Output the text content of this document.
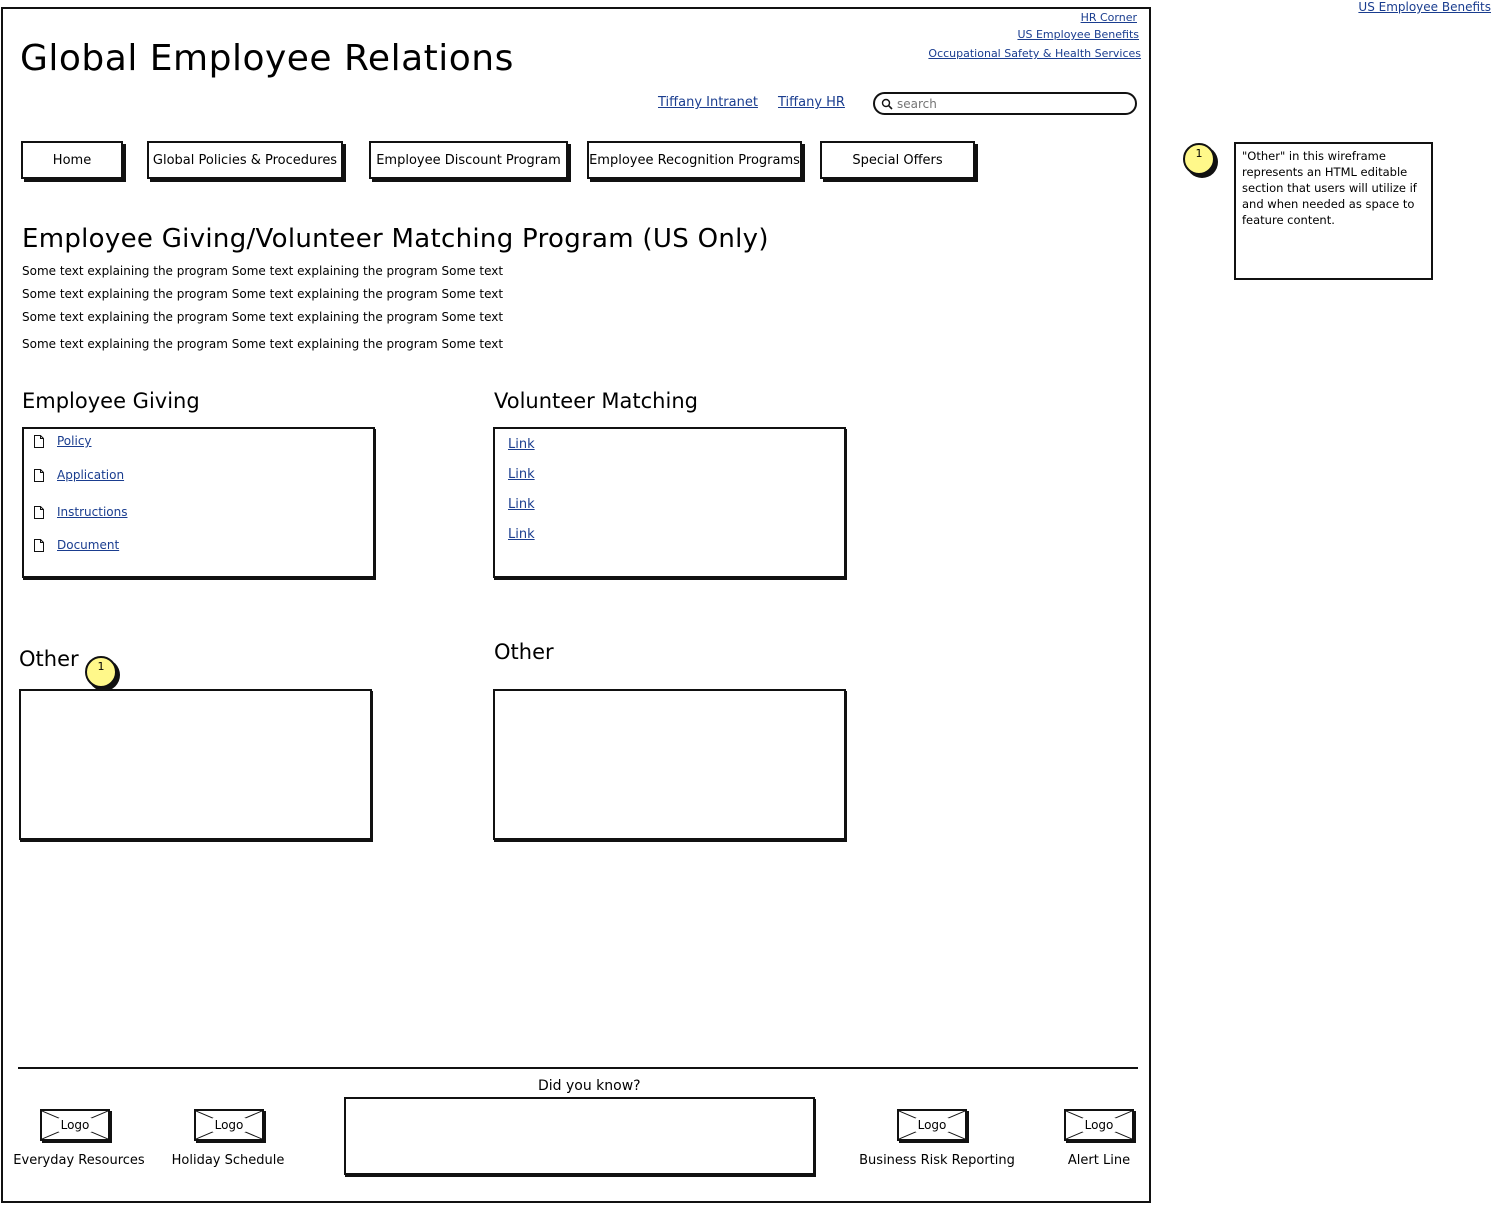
US Employee Benefits
1	"Other" in this wireframe represents an HTML editable section that users will utilize if and when needed as space to feature content.
HR Corner
US Employee Benefits
Occupational Safety & Health Services
Global Employee Relations
Tiffany Intranet Tiffany HR
search
Home	Global Policies & Procedures	Employee Discount Program	Employee Recognition Programs	Special Offers
Employee Giving/Volunteer Matching Program (US Only)
Some text explaining the program Some text explaining the program Some text
Some text explaining the program Some text explaining the program Some text
Some text explaining the program Some text explaining the program Some text
Some text explaining the program Some text explaining the program Some text
Employee Giving
Policy
Application
Instructions
Document
Volunteer Matching
Link
Link
Link
Link
Other	1
Other
Did you know?
Logo
Everyday Resources
Logo
Holiday Schedule
Logo
Business Risk Reporting
Logo
Alert Line
